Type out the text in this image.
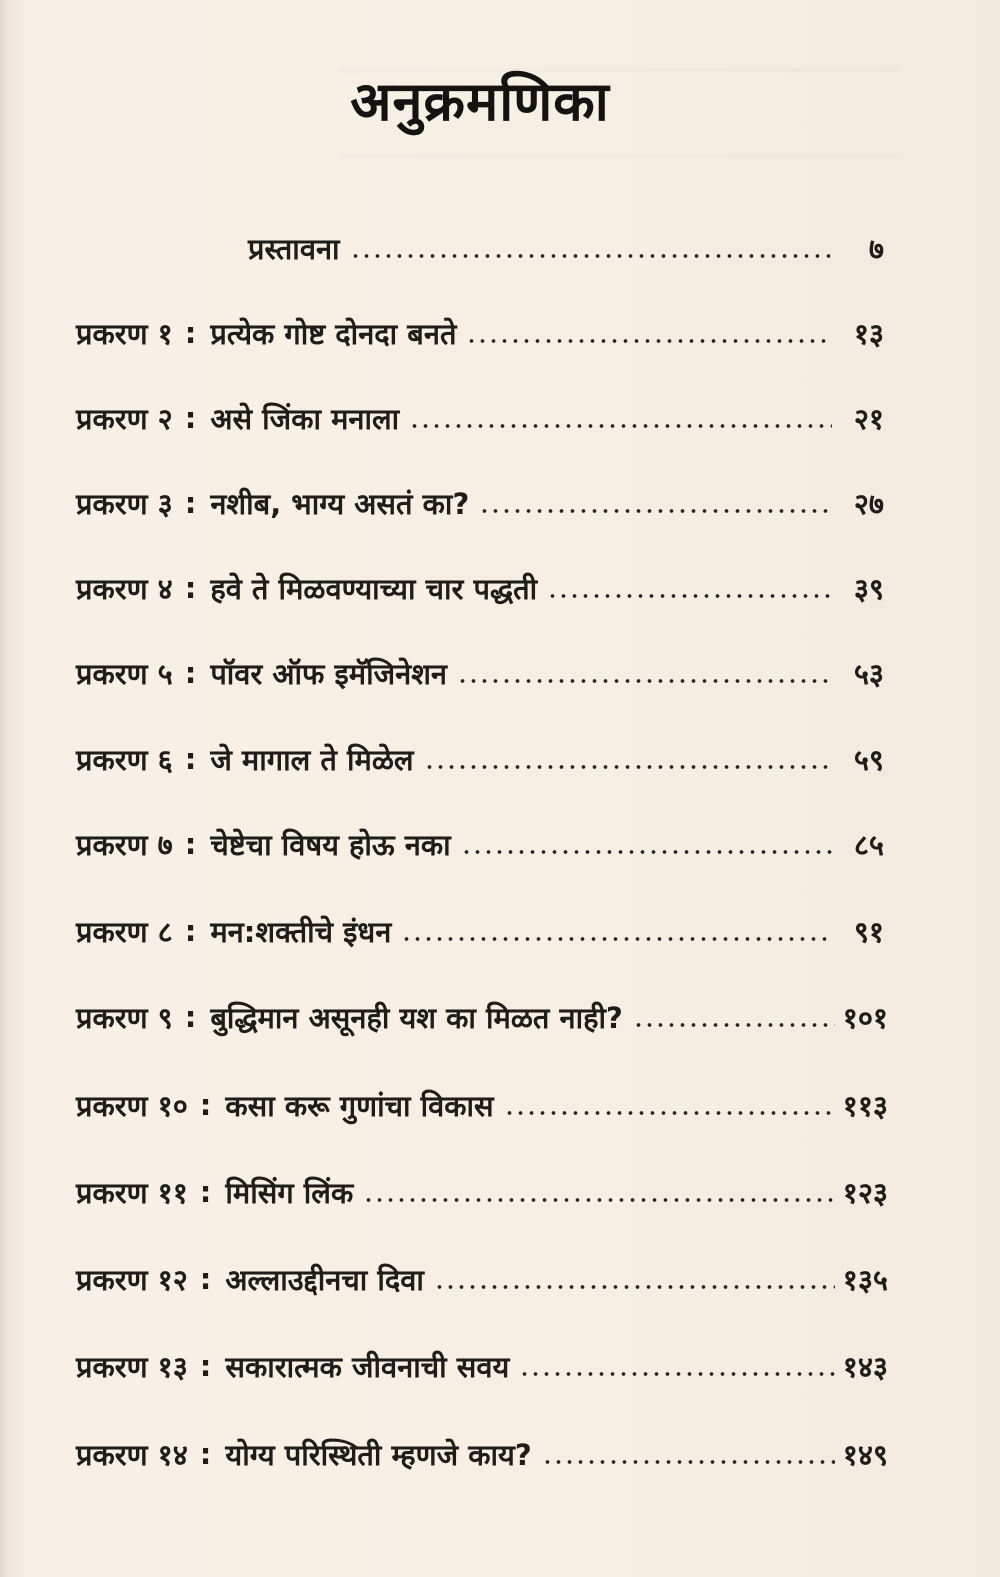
अनुक्रमणिका
प्रस्तावना	७
प्रकरण १ : प्रत्येक गोष्ट दोनदा बनते	१३
प्रकरण २ : असे जिंका मनाला	२१
प्रकरण ३ : नशीब, भाग्य असतं का?	२७
प्रकरण ४ : हवे ते मिळवण्याच्या चार पद्धती	३९
प्रकरण ५ : पॉवर ऑफ इमॅजिनेशन	५३
प्रकरण ६ : जे मागाल ते मिळेल	५९
प्रकरण ७ : चेष्टेचा विषय होऊ नका	८५
प्रकरण ८ : मन:शक्तीचे इंधन	९१
प्रकरण ९ : बुद्धिमान असूनही यश का मिळत नाही?	१०१
प्रकरण १० : कसा करू गुणांचा विकास	११३
प्रकरण ११ : मिसिंग लिंक	१२३
प्रकरण १२ : अल्लाउद्दीनचा दिवा	१३५
प्रकरण १३ : सकारात्मक जीवनाची सवय	१४३
प्रकरण १४ : योग्य परिस्थिती म्हणजे काय?	१४९
